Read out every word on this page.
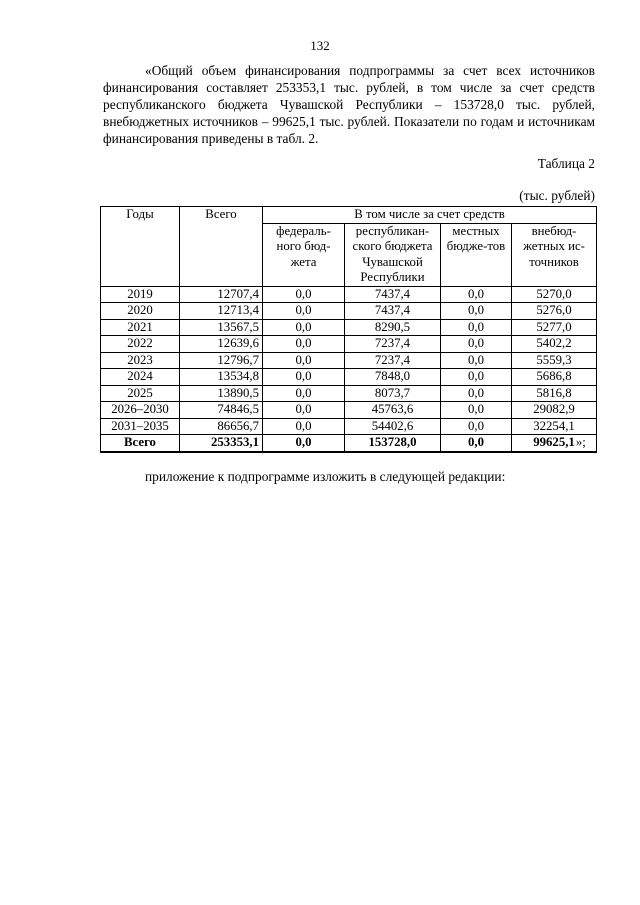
132

«Общий объем финансирования подпрограммы за счет всех источников финансирования составляет 253353,1 тыс. рублей, в том числе за счет средств республиканского бюджета Чувашской Республики – 153728,0 тыс. рублей, внебюджетных источников – 99625,1 тыс. рублей. Показатели по годам и источникам финансирования приведены в табл. 2.

Таблица 2
(тыс. рублей)
Годы	Всего	В том числе за счет средств			
		федераль-ного бюд-жета	республикан-ского бюджета Чувашской Республики	местных бюдже-тов	внебюд-жетных ис-точников
2019	12707,4	0,0	7437,4	0,0	5270,0
2020	12713,4	0,0	7437,4	0,0	5276,0
2021	13567,5	0,0	8290,5	0,0	5277,0
2022	12639,6	0,0	7237,4	0,0	5402,2
2023	12796,7	0,0	7237,4	0,0	5559,3
2024	13534,8	0,0	7848,0	0,0	5686,8
2025	13890,5	0,0	8073,7	0,0	5816,8
2026–2030	74846,5	0,0	45763,6	0,0	29082,9
2031–2035	86656,7	0,0	54402,6	0,0	32254,1
Всего	253353,1	0,0	153728,0	0,0	99625,1 »;
приложение к подпрограмме изложить в следующей редакции:
